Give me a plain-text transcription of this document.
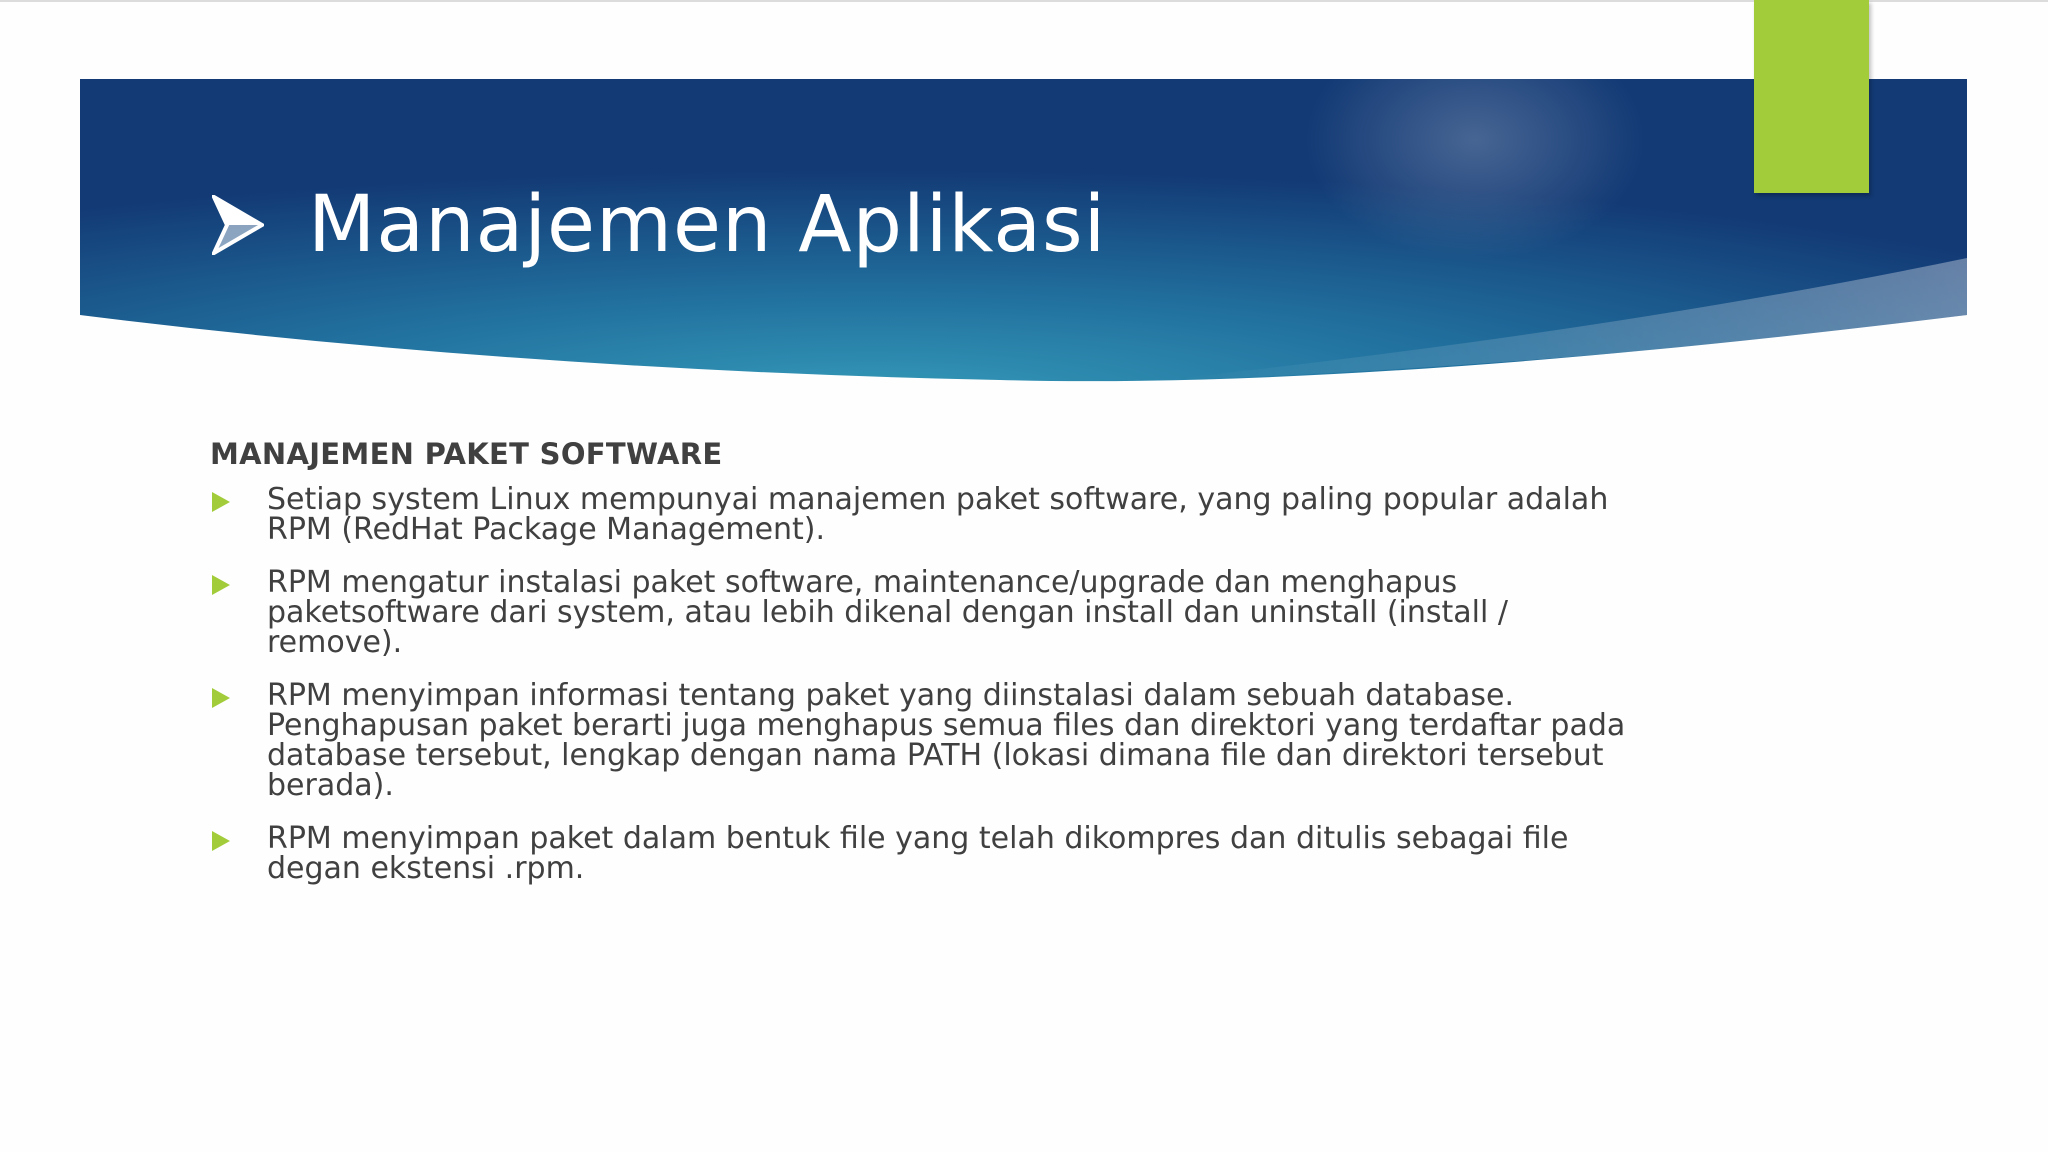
Manajemen Aplikasi
MANAJEMEN PAKET SOFTWARE
Setiap system Linux mempunyai manajemen paket software, yang paling popular adalah RPM (RedHat Package Management).
RPM mengatur instalasi paket software, maintenance/upgrade dan menghapus paketsoftware dari system, atau lebih dikenal dengan install dan uninstall (install / remove).
RPM menyimpan informasi tentang paket yang diinstalasi dalam sebuah database. Penghapusan paket berarti juga menghapus semua files dan direktori yang terdaftar pada database tersebut, lengkap dengan nama PATH (lokasi dimana file dan direktori tersebut berada).
RPM menyimpan paket dalam bentuk file yang telah dikompres dan ditulis sebagai file degan ekstensi .rpm.
